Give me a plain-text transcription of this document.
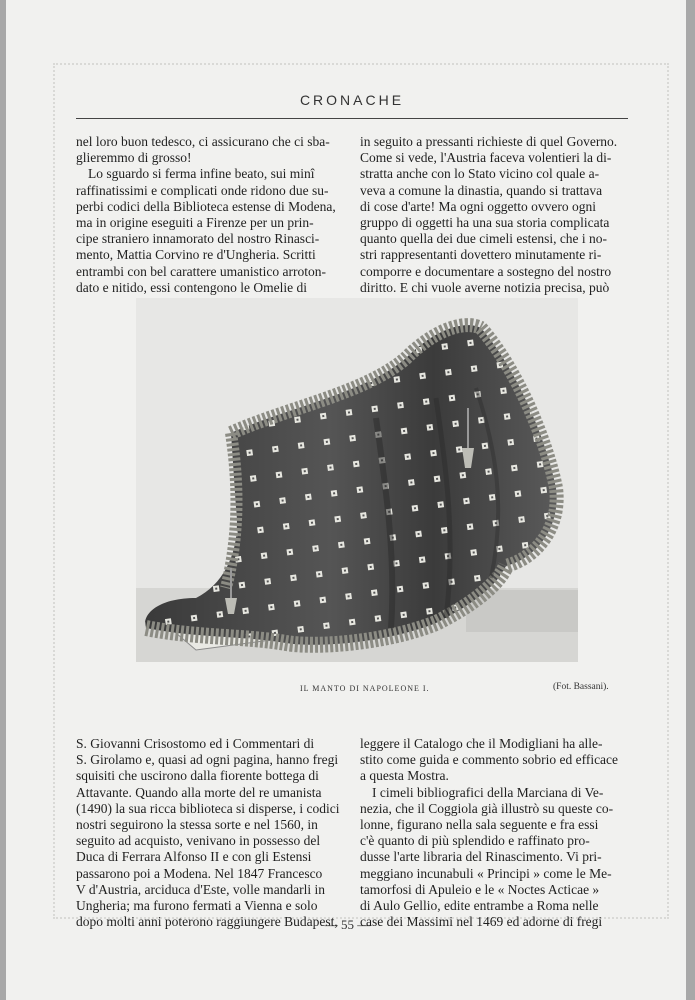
CRONACHE

nel loro buon tedesco, ci assicurano che ci sba-

glieremmo di grosso!

Lo sguardo si ferma infine beato, sui minî

raffinatissimi e complicati onde ridono due su-

perbi codici della Biblioteca estense di Modena,

ma in origine eseguiti a Firenze per un prin-

cipe straniero innamorato del nostro Rinasci-

mento, Mattia Corvino re d'Ungheria. Scritti

entrambi con bel carattere umanistico arroton-

dato e nitido, essi contengono le Omelie di

in seguito a pressanti richieste di quel Governo.

Come si vede, l'Austria faceva volentieri la di-

stratta anche con lo Stato vicino col quale a-

veva a comune la dinastia, quando si trattava

di cose d'arte! Ma ogni oggetto ovvero ogni

gruppo di oggetti ha una sua storia complicata

quanto quella dei due cimeli estensi, che i no-

stri rappresentanti dovettero minutamente ri-

comporre e documentare a sostegno del nostro

diritto. E chi vuole averne notizia precisa, può

IL MANTO DI NAPOLEONE I.	(Fot. Bassani).

S. Giovanni Crisostomo ed i Commentari di

S. Girolamo e, quasi ad ogni pagina, hanno fregi

squisiti che uscirono dalla fiorente bottega di

Attavante. Quando alla morte del re umanista

(1490) la sua ricca biblioteca si disperse, i codici

nostri seguirono la stessa sorte e nel 1560, in

seguito ad acquisto, venivano in possesso del

Duca di Ferrara Alfonso II e con gli Estensi

passarono poi a Modena. Nel 1847 Francesco

V d'Austria, arciduca d'Este, volle mandarli in

Ungheria; ma furono fermati a Vienna e solo

dopo molti anni poterono raggiungere Budapest,

leggere il Catalogo che il Modigliani ha alle-

stito come guida e commento sobrio ed efficace

a questa Mostra.

I cimeli bibliografici della Marciana di Ve-

nezia, che il Coggiola già illustrò su queste co-

lonne, figurano nella sala seguente e fra essi

c'è quanto di più splendido e raffinato pro-

dusse l'arte libraria del Rinascimento. Vi pri-

meggiano incunabuli « Principi » come le Me-

tamorfosi di Apuleio e le « Noctes Acticae »

di Aulo Gellio, edite entrambe a Roma nelle

case dei Massimi nel 1469 ed adorne di fregi

— 55 —
